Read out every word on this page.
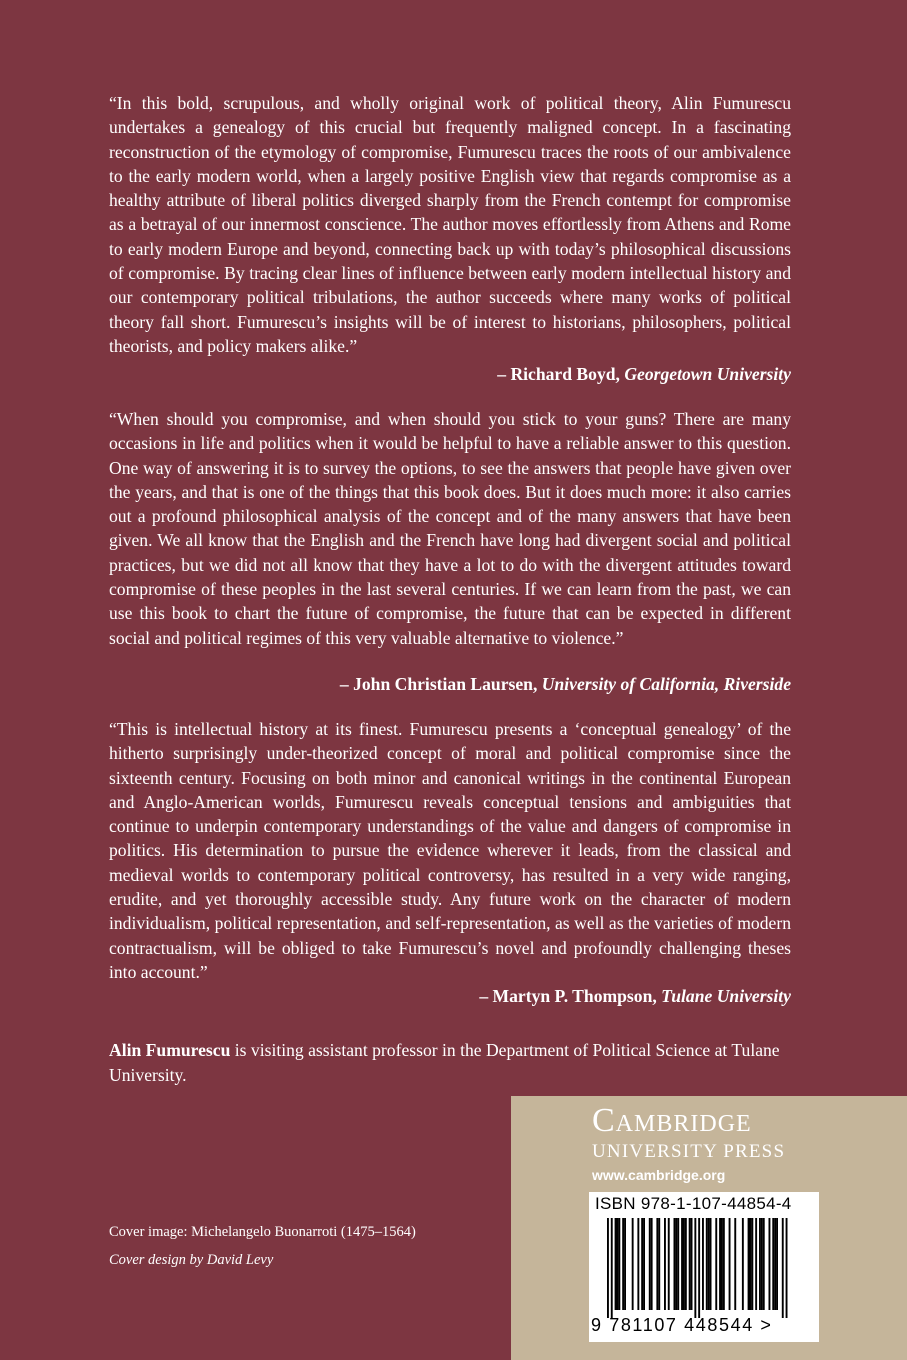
“In this bold, scrupulous, and wholly original work of political theory, Alin Fumurescu undertakes a genealogy of this crucial but frequently maligned concept. In a fascinating reconstruction of the etymology of compromise, Fumurescu traces the roots of our ambivalence to the early modern world, when a largely positive English view that regards compromise as a healthy attribute of liberal politics diverged sharply from the French contempt for compromise as a betrayal of our innermost conscience. The author moves effortlessly from Athens and Rome to early modern Europe and beyond, connecting back up with today’s philosophical discussions of compromise. By tracing clear lines of influence between early modern intellectual history and our contemporary political tribulations, the author succeeds where many works of political theory fall short. Fumurescu’s insights will be of interest to historians, philosophers, political theorists, and policy makers alike.”

– Richard Boyd, Georgetown University

“When should you compromise, and when should you stick to your guns? There are many occasions in life and politics when it would be helpful to have a reliable answer to this question. One way of answering it is to survey the options, to see the answers that people have given over the years, and that is one of the things that this book does. But it does much more: it also carries out a profound philosophical analysis of the concept and of the many answers that have been given. We all know that the English and the French have long had divergent social and political practices, but we did not all know that they have a lot to do with the divergent attitudes toward compromise of these peoples in the last several centuries. If we can learn from the past, we can use this book to chart the future of compromise, the future that can be expected in different social and political regimes of this very valuable alternative to violence.”

– John Christian Laursen, University of California, Riverside

“This is intellectual history at its finest. Fumurescu presents a ‘conceptual genealogy’ of the hitherto surprisingly under-theorized concept of moral and political compromise since the sixteenth century. Focusing on both minor and canonical writings in the continental European and Anglo-American worlds, Fumurescu reveals conceptual tensions and ambiguities that continue to underpin contemporary understandings of the value and dangers of compromise in politics. His determination to pursue the evidence wherever it leads, from the classical and medieval worlds to contemporary political controversy, has resulted in a very wide ranging, erudite, and yet thoroughly accessible study. Any future work on the character of modern individualism, political representation, and self-representation, as well as the varieties of modern contractualism, will be obliged to take Fumurescu’s novel and profoundly challenging theses into account.”

– Martyn P. Thompson, Tulane University

Alin Fumurescu is visiting assistant professor in the Department of Political Science at Tulane University.

Cover image: Michelangelo Buonarroti (1475–1564)
Cover design by David Levy
Cambridge
UNIVERSITY PRESS
www.cambridge.org
ISBN 978-1-107-44854-4
9 781107 448544 >
